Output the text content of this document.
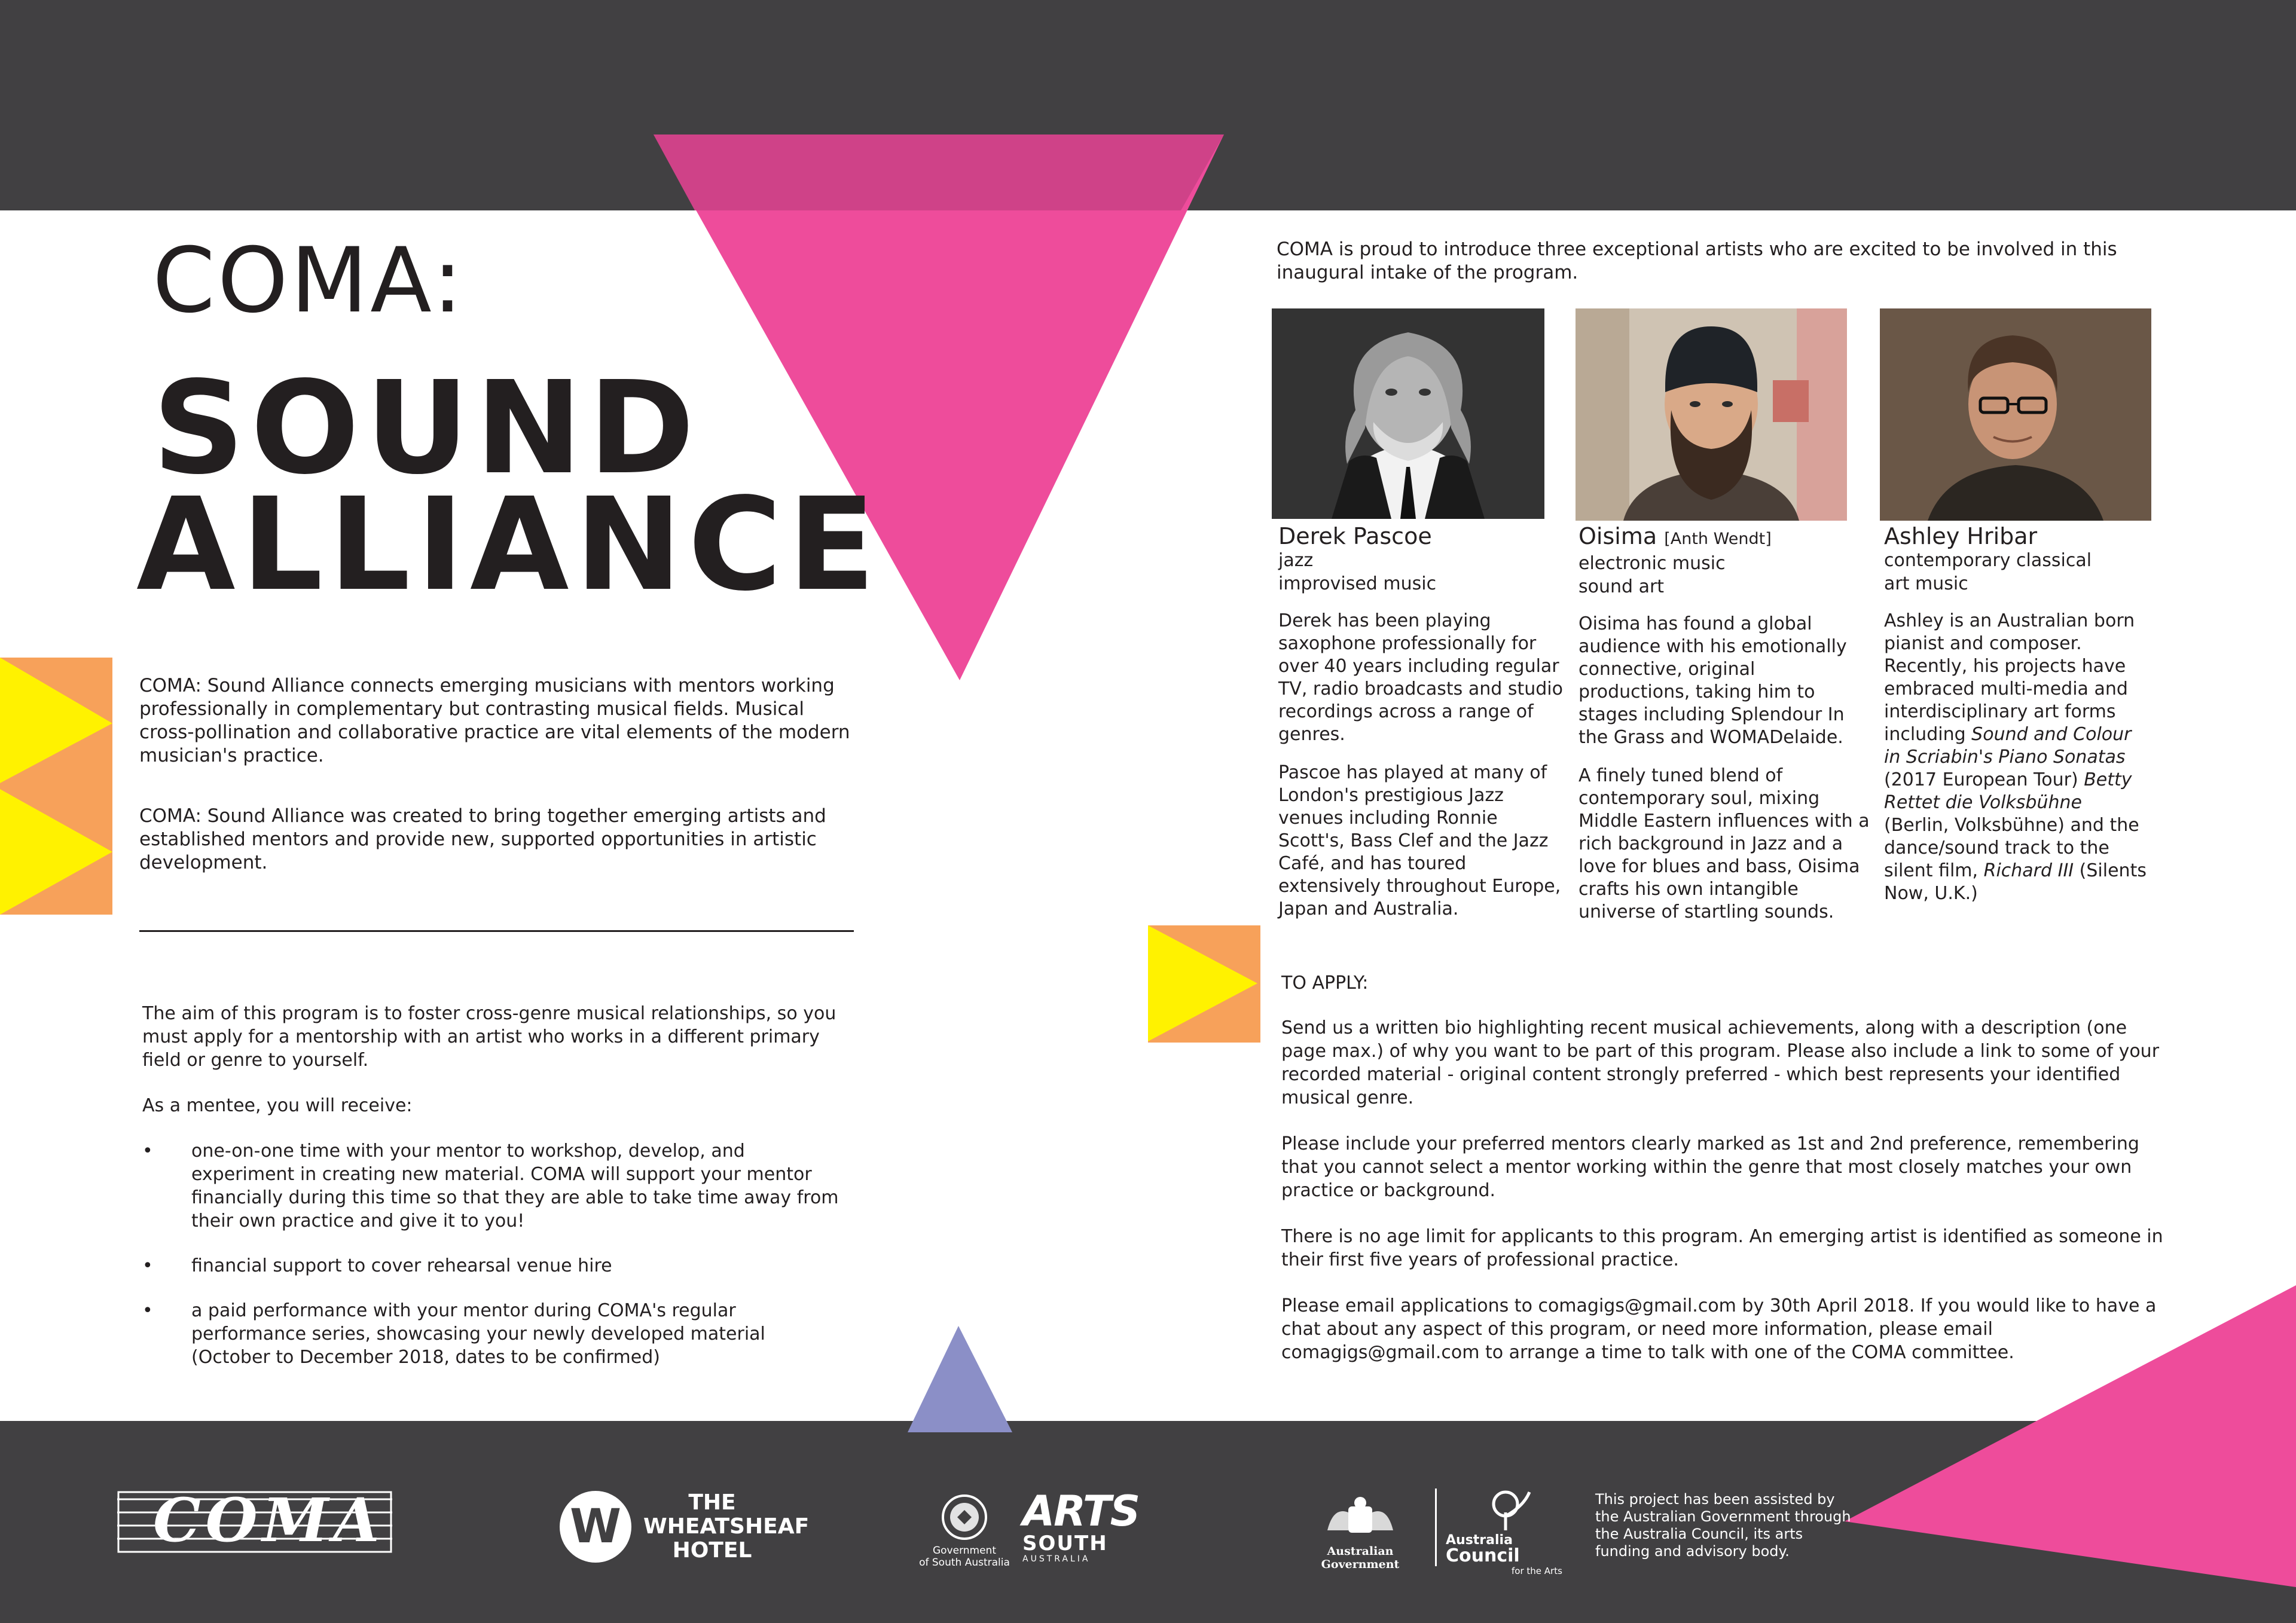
COMA:
SOUND
ALLIANCE
COMA: Sound Alliance connects emerging musicians with mentors working professionally in complementary but contrasting musical fields. Musical cross-pollination and collaborative practice are vital elements of the modern musician's practice.
COMA: Sound Alliance was created to bring together emerging artists and established mentors and provide new, supported opportunities in artistic development.
The aim of this program is to foster cross-genre musical relationships, so you must apply for a mentorship with an artist who works in a different primary field or genre to yourself.
As a mentee, you will receive:
• one-on-one time with your mentor to workshop, develop, and experiment in creating new material. COMA will support your mentor financially during this time so that they are able to take time away from their own practice and give it to you!
• financial support to cover rehearsal venue hire
• a paid performance with your mentor during COMA's regular performance series, showcasing your newly developed material (October to December 2018, dates to be confirmed)
COMA is proud to introduce three exceptional artists who are excited to be involved in this inaugural intake of the program.
Derek Pascoe
jazz
improvised music

Derek has been playing saxophone professionally for over 40 years including regular TV, radio broadcasts and studio recordings across a range of genres.

Pascoe has played at many of London's prestigious Jazz venues including Ronnie Scott's, Bass Clef and the Jazz Café, and has toured extensively throughout Europe, Japan and Australia.

Oisima [Anth Wendt]
electronic music
sound art

Oisima has found a global audience with his emotionally connective, original productions, taking him to stages including Splendour In the Grass and WOMADelaide.

A finely tuned blend of contemporary soul, mixing Middle Eastern influences with a rich background in Jazz and a love for blues and bass, Oisima crafts his own intangible universe of startling sounds.

Ashley Hribar
contemporary classical
art music

Ashley is an Australian born pianist and composer. Recently, his projects have embraced multi-media and interdisciplinary art forms including Sound and Colour in Scriabin's Piano Sonatas (2017 European Tour) Betty Rettet die Volksbühne (Berlin, Volksbühne) and the dance/sound track to the silent film, Richard III (Silents Now, U.K.)

TO APPLY:

Send us a written bio highlighting recent musical achievements, along with a description (one page max.) of why you want to be part of this program. Please also include a link to some of your recorded material - original content strongly preferred - which best represents your identified musical genre.

Please include your preferred mentors clearly marked as 1st and 2nd preference, remembering that you cannot select a mentor working within the genre that most closely matches your own practice or background.

There is no age limit for applicants to this program. An emerging artist is identified as someone in their first five years of professional practice.

Please email applications to comagigs@gmail.com by 30th April 2018. If you would like to have a chat about any aspect of this program, or need more information, please email comagigs@gmail.com to arrange a time to talk with one of the COMA committee.

COMA	W	THE
WHEATSHEAF
HOTEL	Government
of South Australia
ARTS
SOUTH
AUSTRALIA
Australian Government
Australia Council
for the Arts
This project has been assisted by the Australian Government through the Australia Council, its arts funding and advisory body.
